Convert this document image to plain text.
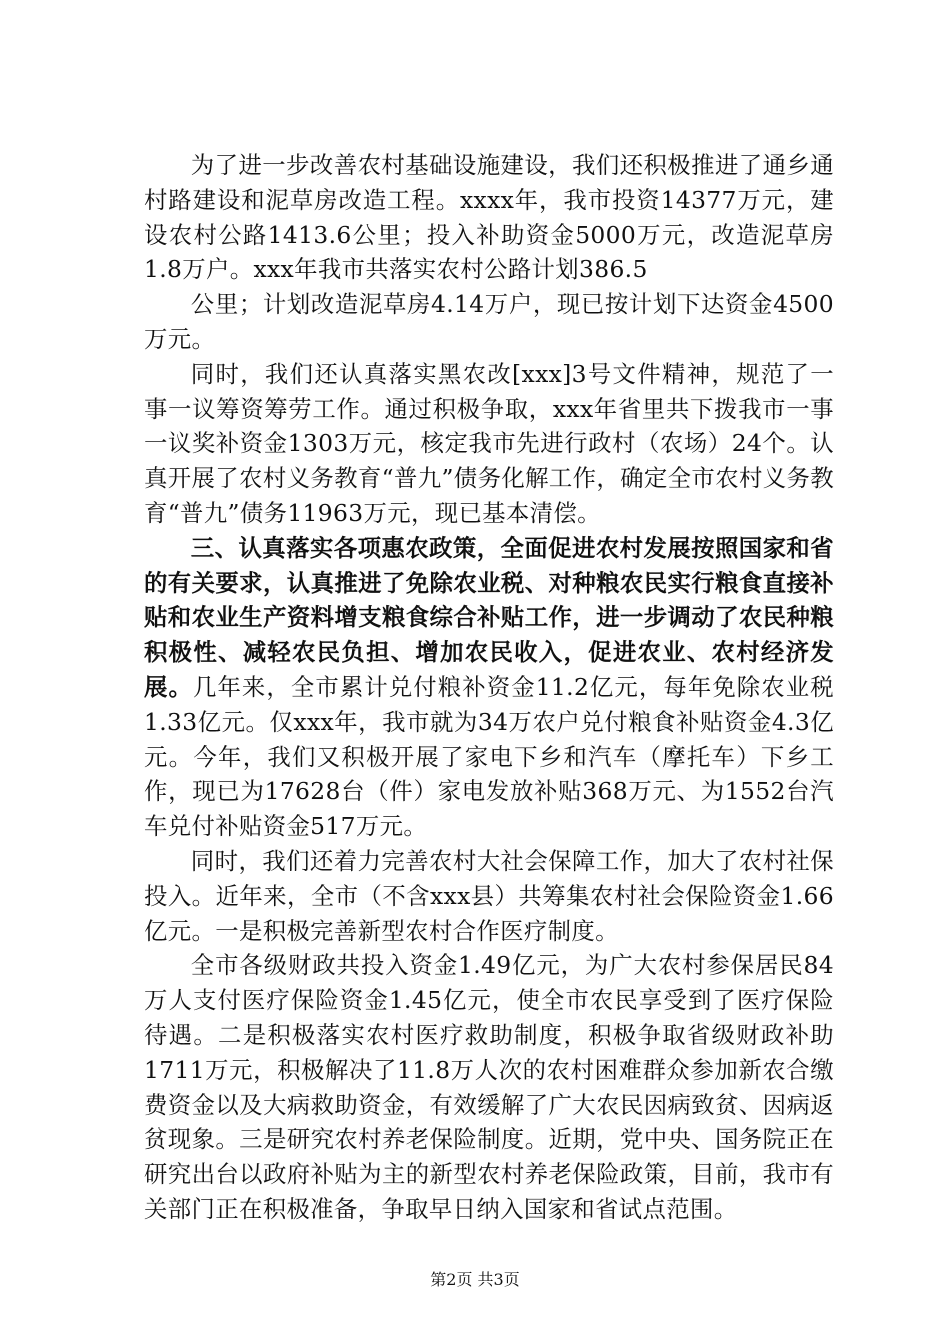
为了进一步改善农村基础设施建设，我们还积极推进了通乡通村路建设和泥草房改造工程。xxxx年，我市投资14377万元，建设农村公路1413.6公里；投入补助资金5000万元，改造泥草房1.8万户。xxx年我市共落实农村公路计划386.5

公里；计划改造泥草房4.14万户，现已按计划下达资金4500万元。

同时，我们还认真落实黑农改[xxx]3号文件精神，规范了一事一议筹资筹劳工作。通过积极争取，xxx年省里共下拨我市一事一议奖补资金1303万元，核定我市先进行政村（农场）24个。认真开展了农村义务教育“普九”债务化解工作，确定全市农村义务教育“普九”债务11963万元，现已基本清偿。

三、认真落实各项惠农政策，全面促进农村发展按照国家和省的有关要求，认真推进了免除农业税、对种粮农民实行粮食直接补贴和农业生产资料增支粮食综合补贴工作，进一步调动了农民种粮积极性、减轻农民负担、增加农民收入，促进农业、农村经济发展。几年来，全市累计兑付粮补资金11.2亿元，每年免除农业税1.33亿元。仅xxx年，我市就为34万农户兑付粮食补贴资金4.3亿元。今年，我们又积极开展了家电下乡和汽车（摩托车）下乡工作，现已为17628台（件）家电发放补贴368万元、为1552台汽车兑付补贴资金517万元。

同时，我们还着力完善农村大社会保障工作，加大了农村社保投入。近年来，全市（不含xxx县）共筹集农村社会保险资金1.66亿元。一是积极完善新型农村合作医疗制度。

全市各级财政共投入资金1.49亿元，为广大农村参保居民84万人支付医疗保险资金1.45亿元，使全市农民享受到了医疗保险待遇。二是积极落实农村医疗救助制度，积极争取省级财政补助1711万元，积极解决了11.8万人次的农村困难群众参加新农合缴费资金以及大病救助资金，有效缓解了广大农民因病致贫、因病返贫现象。三是研究农村养老保险制度。近期，党中央、国务院正在研究出台以政府补贴为主的新型农村养老保险政策，目前，我市有关部门正在积极准备，争取早日纳入国家和省试点范围。

第2页 共3页
